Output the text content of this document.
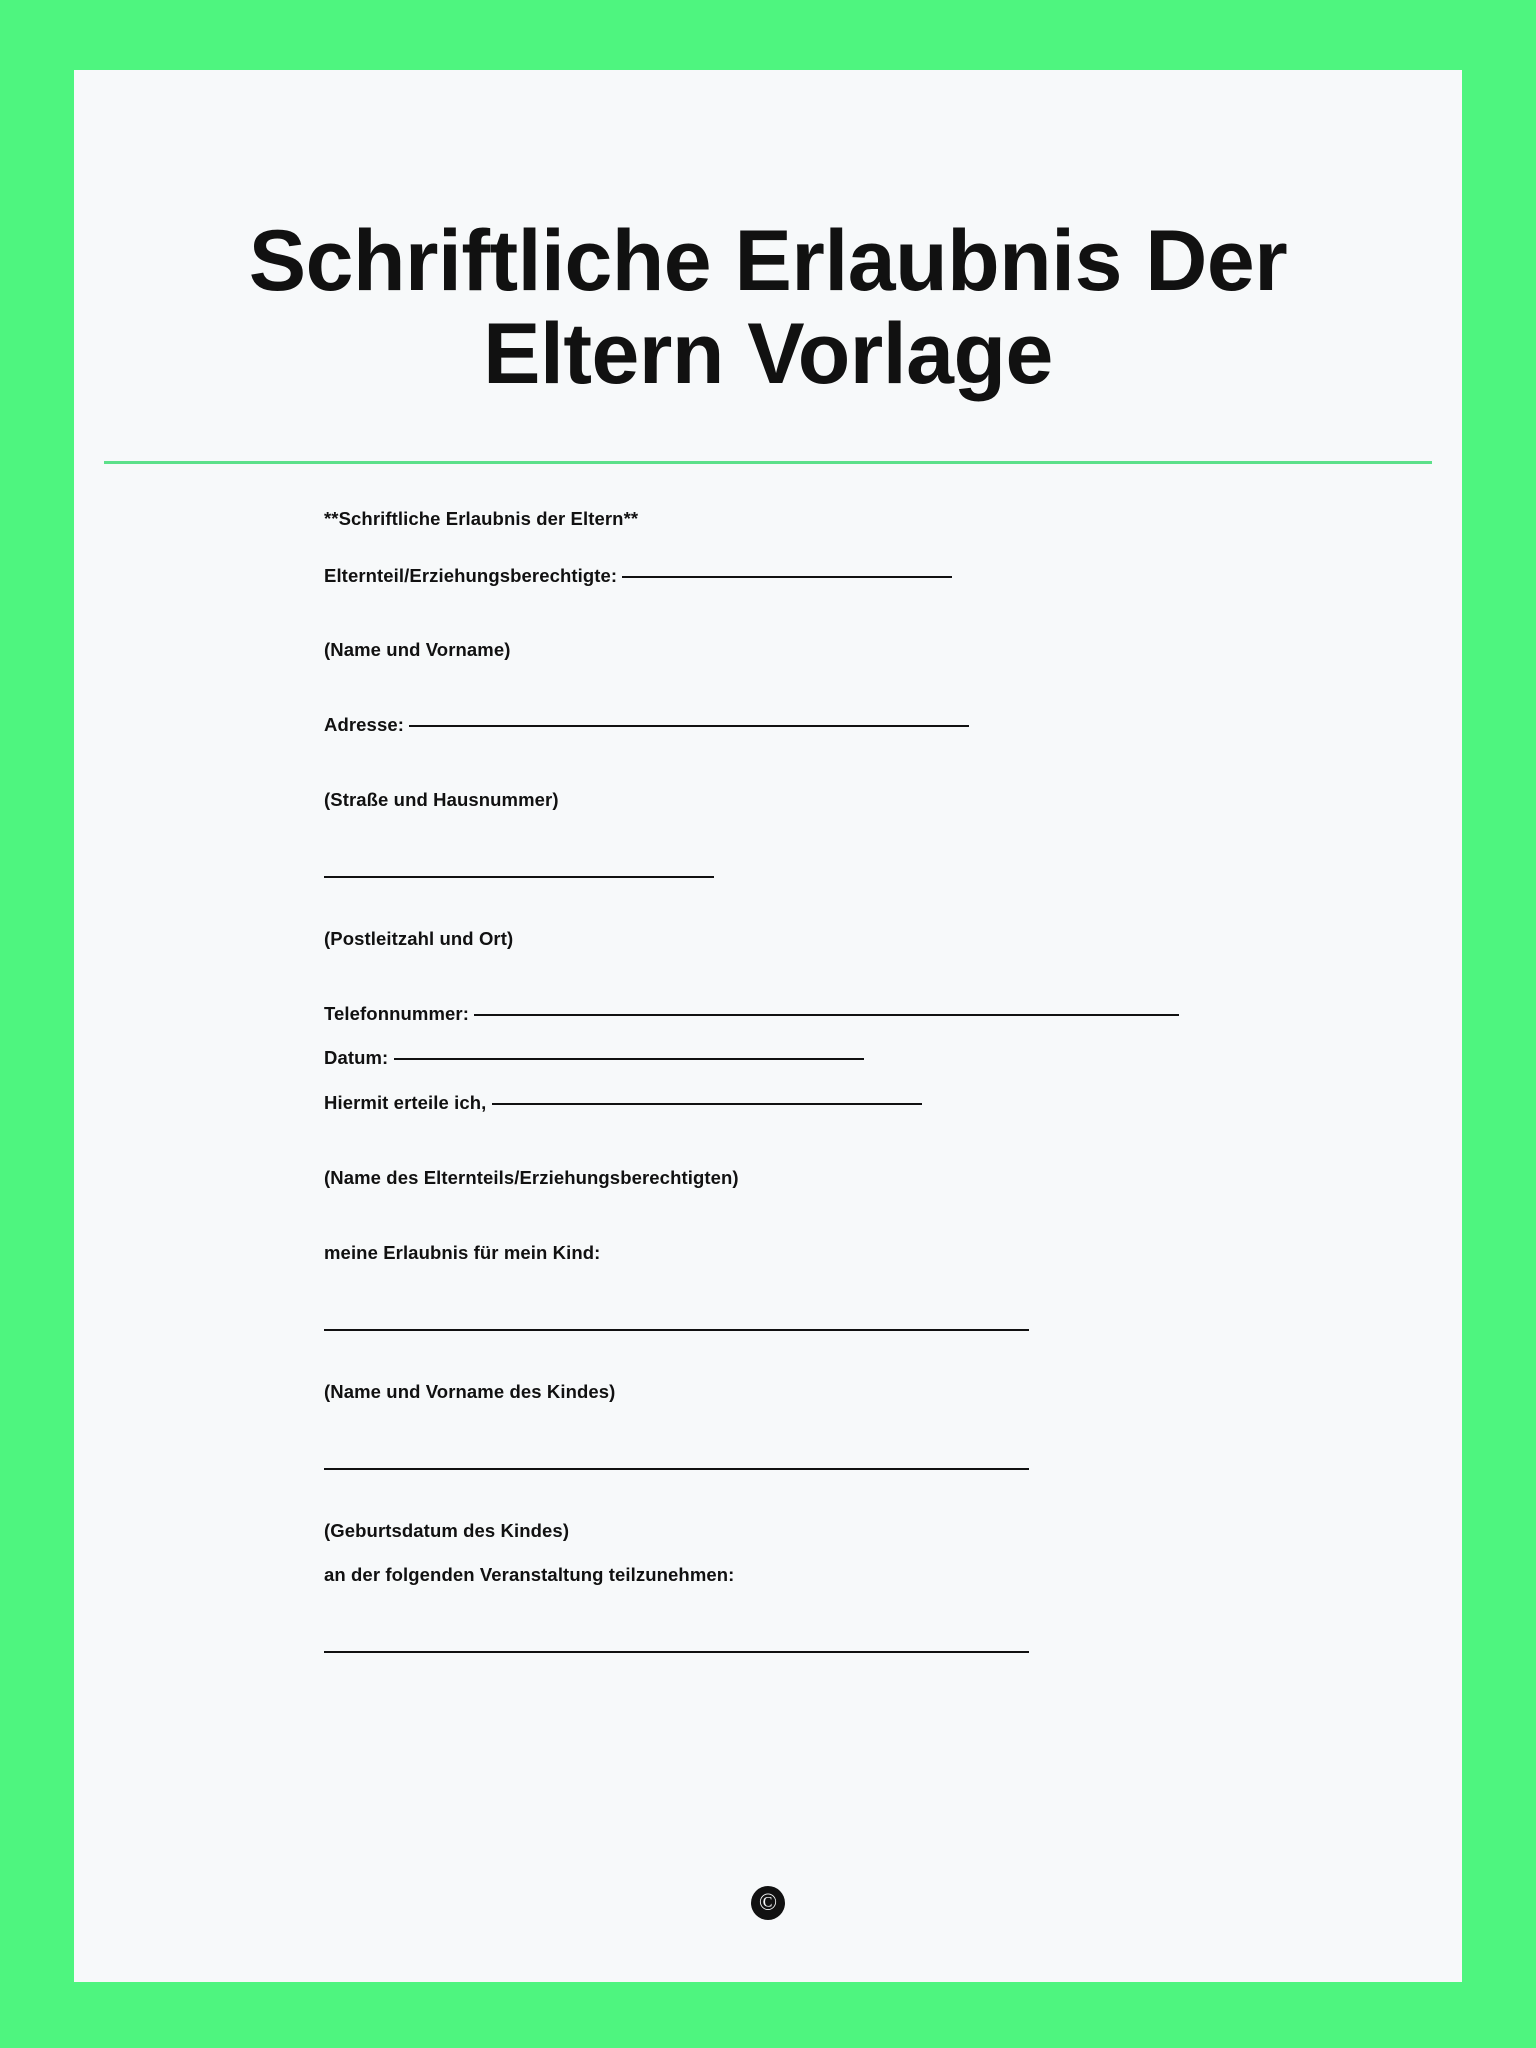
Schriftliche Erlaubnis Der Eltern Vorlage
**Schriftliche Erlaubnis der Eltern**
Elternteil/Erziehungsberechtigte:
(Name und Vorname)
Adresse:
(Straße und Hausnummer)
(Postleitzahl und Ort)
Telefonnummer:
Datum:
Hiermit erteile ich,
(Name des Elternteils/Erziehungsberechtigten)
meine Erlaubnis für mein Kind:
(Name und Vorname des Kindes)
(Geburtsdatum des Kindes)
an der folgenden Veranstaltung teilzunehmen:
©
